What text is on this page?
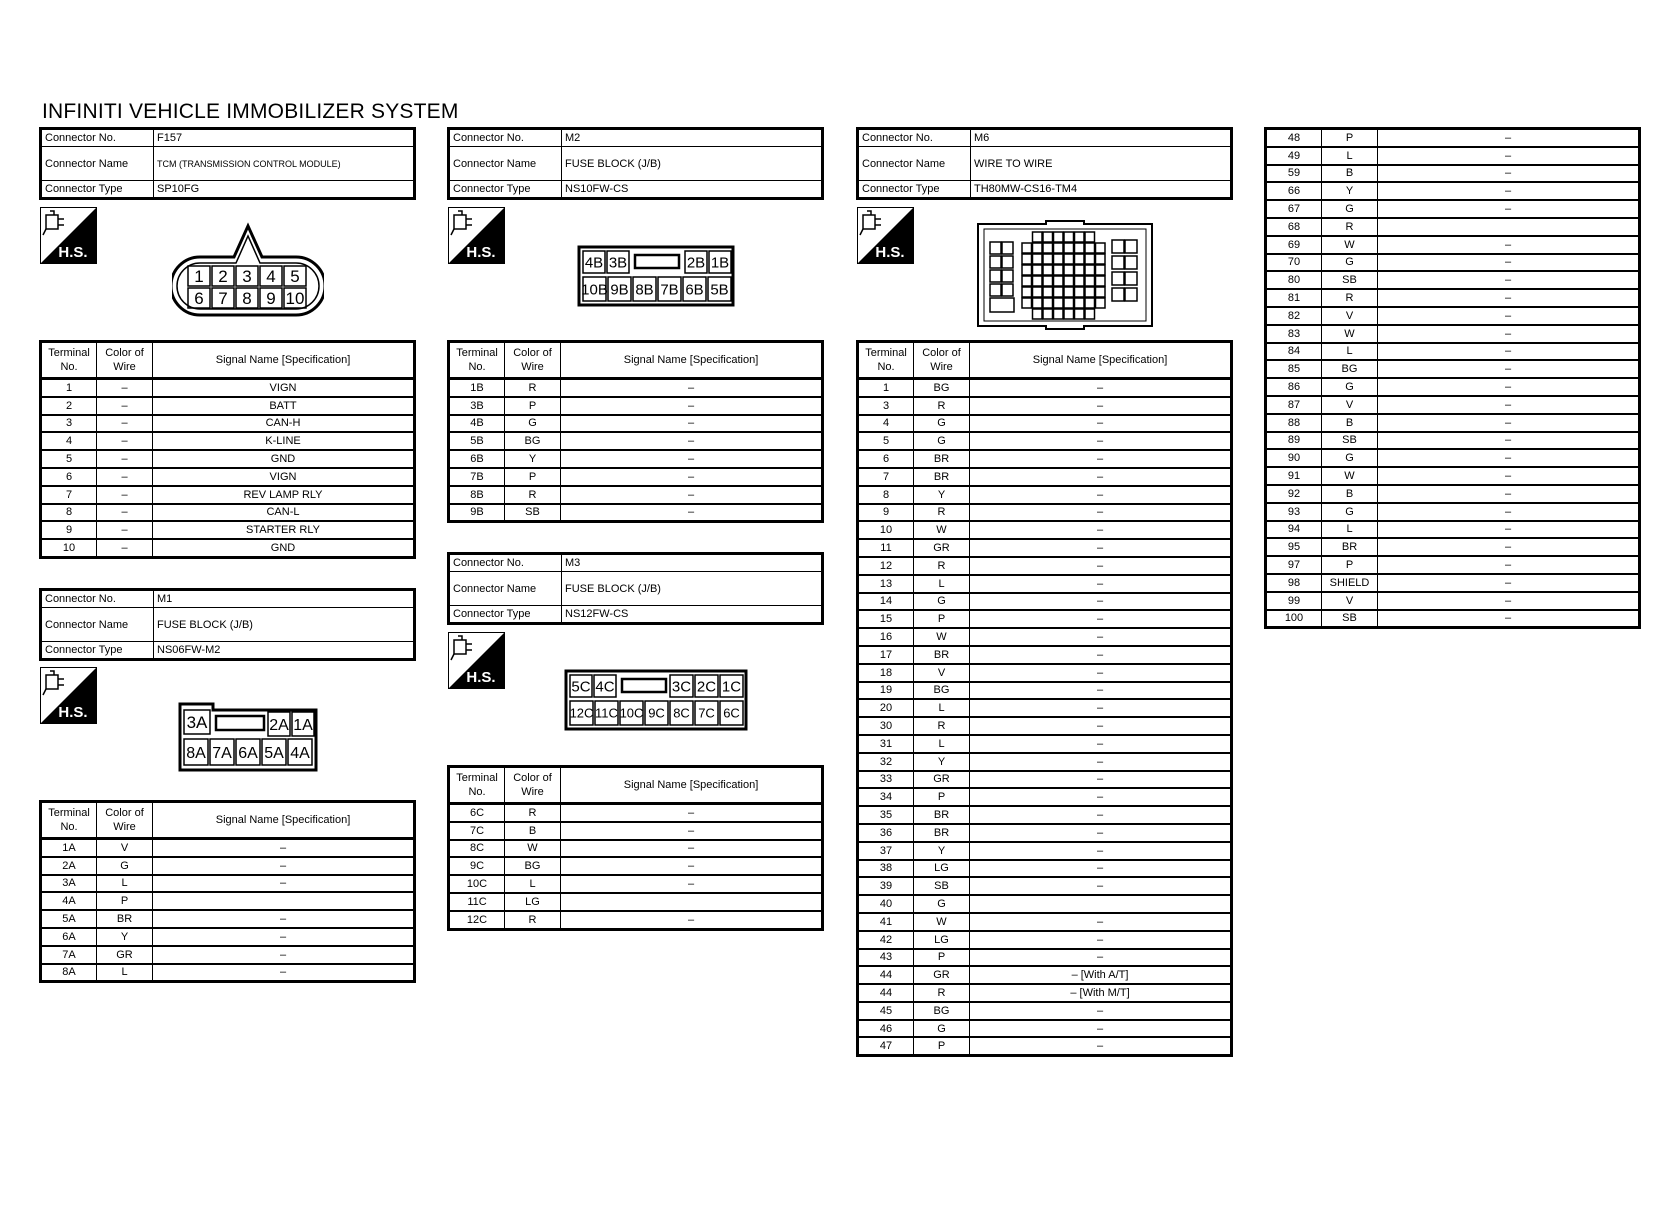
INFINITI VEHICLE IMMOBILIZER SYSTEM
Connector No.	F157
Connector Name	TCM (TRANSMISSION CONTROL MODULE)
Connector Type	SP10FG
H.S.
1 2 3 4 5
6 7 8 9 10
Terminal No.	Color of Wire	Signal Name [Specification]
1	–	VIGN
2	–	BATT
3	–	CAN-H
4	–	K-LINE
5	–	GND
6	–	VIGN
7	–	REV LAMP RLY
8	–	CAN-L
9	–	STARTER RLY
10	–	GND
Connector No.	M1
Connector Name	FUSE BLOCK (J/B)
Connector Type	NS06FW-M2
H.S.
3A	2A 1A
8A 7A 6A 5A 4A
Terminal No.	Color of Wire	Signal Name [Specification]
1A	V	–
2A	G	–
3A	L	–
4A	P	
5A	BR	–
6A	Y	–
7A	GR	–
8A	L	–
Connector No.	M2
Connector Name	FUSE BLOCK (J/B)
Connector Type	NS10FW-CS
H.S.
4B 3B	2B 1B
10B 9B 8B 7B 6B 5B
Terminal No.	Color of Wire	Signal Name [Specification]
1B	R	–
3B	P	–
4B	G	–
5B	BG	–
6B	Y	–
7B	P	–
8B	R	–
9B	SB	–
Connector No.	M3
Connector Name	FUSE BLOCK (J/B)
Connector Type	NS12FW-CS
H.S.
5C 4C	3C 2C 1C
12C 11C 10C 9C 8C 7C 6C
Terminal No.	Color of Wire	Signal Name [Specification]
6C	R	–
7C	B	–
8C	W	–
9C	BG	–
10C	L	–
11C	LG	
12C	R	–
Connector No.	M6
Connector Name	WIRE TO WIRE
Connector Type	TH80MW-CS16-TM4
H.S.
Terminal No.	Color of Wire	Signal Name [Specification]
1	BG	–
3	R	–
4	G	–
5	G	–
6	BR	–
7	BR	–
8	Y	–
9	R	–
10	W	–
11	GR	–
12	R	–
13	L	–
14	G	–
15	P	–
16	W	–
17	BR	–
18	V	–
19	BG	–
20	L	–
30	R	–
31	L	–
32	Y	–
33	GR	–
34	P	–
35	BR	–
36	BR	–
37	Y	–
38	LG	–
39	SB	–
40	G	
41	W	–
42	LG	–
43	P	–
44	GR	– [With A/T]
44	R	– [With M/T]
45	BG	–
46	G	–
47	P	–
48	P	–
49	L	–
59	B	–
66	Y	–
67	G	–
68	R	
69	W	–
70	G	–
80	SB	–
81	R	–
82	V	–
83	W	–
84	L	–
85	BG	–
86	G	–
87	V	–
88	B	–
89	SB	–
90	G	–
91	W	–
92	B	–
93	G	–
94	L	–
95	BR	–
97	P	–
98	SHIELD	–
99	V	–
100	SB	–
